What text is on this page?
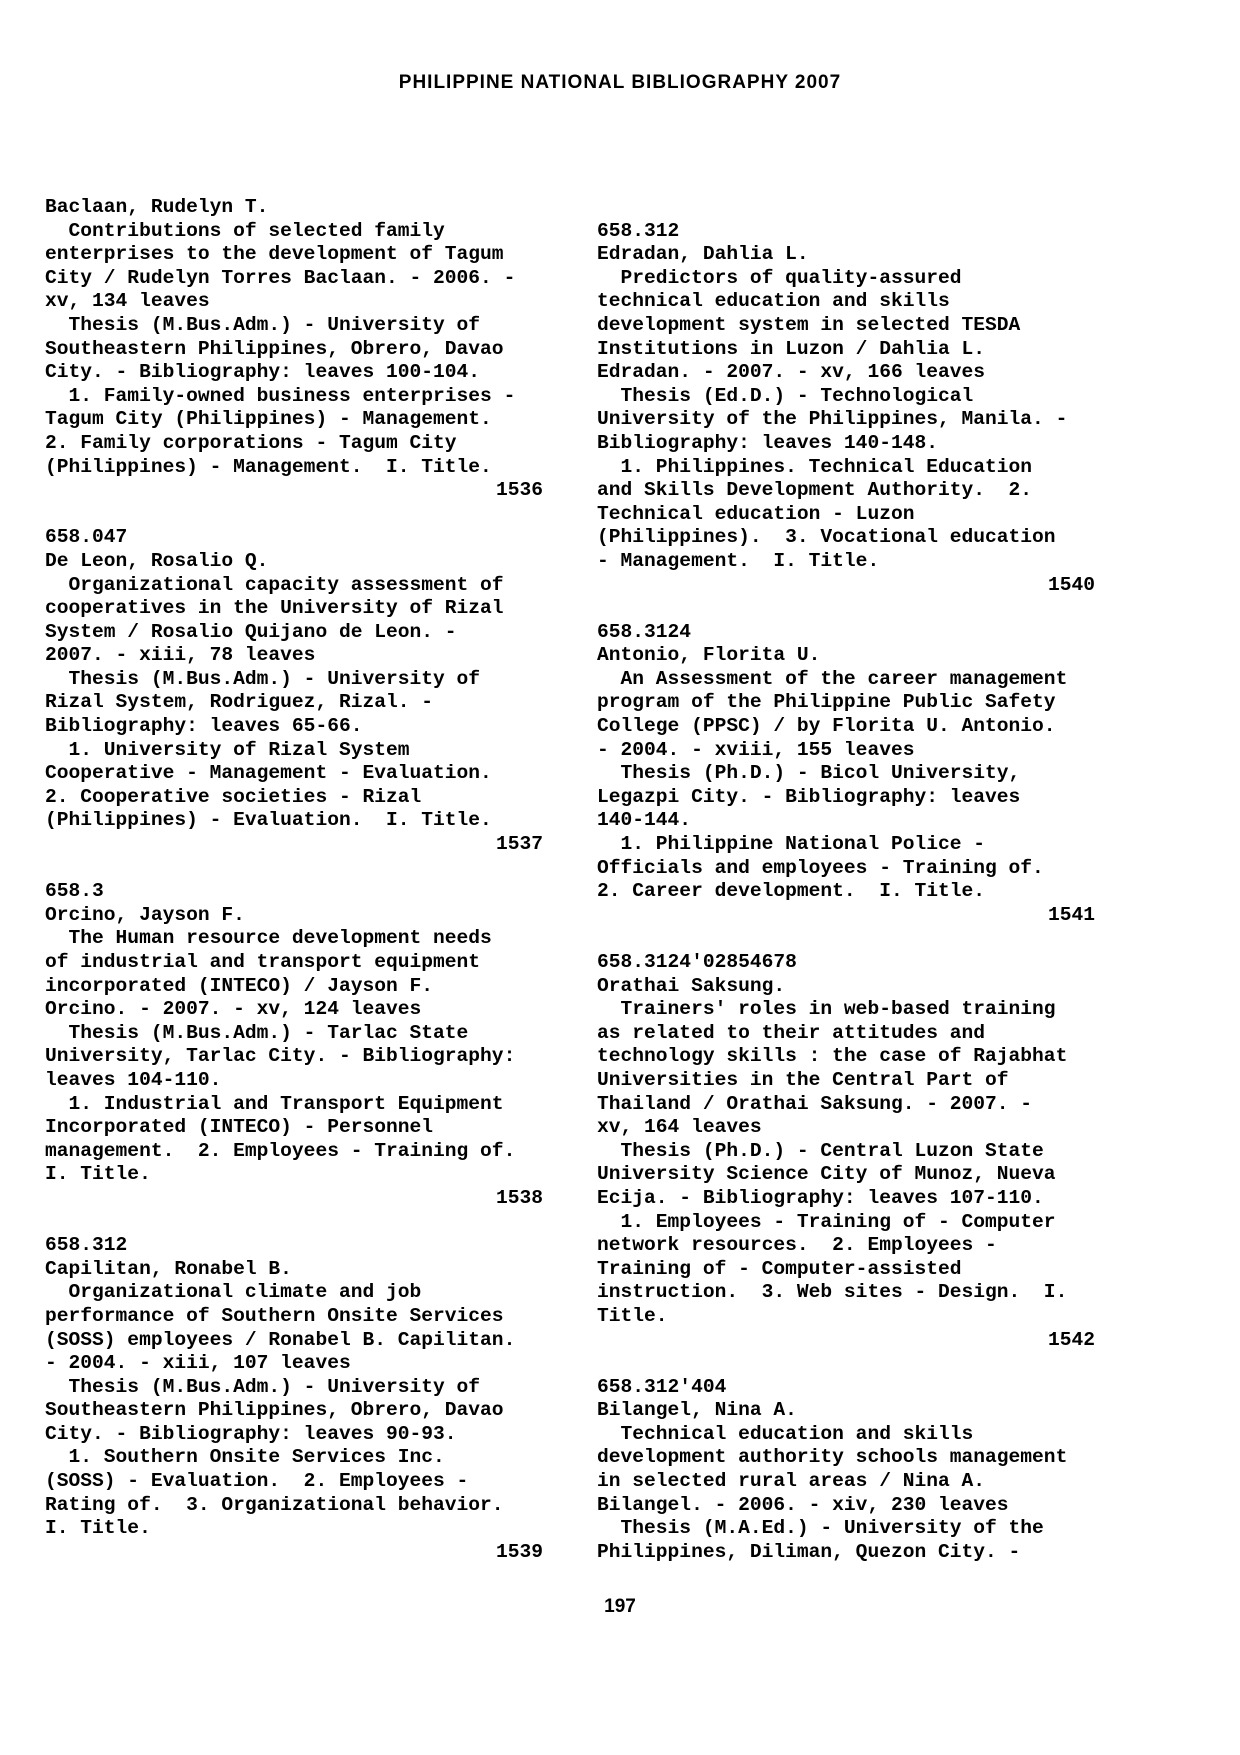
PHILIPPINE NATIONAL BIBLIOGRAPHY 2007
Baclaan, Rudelyn T.
Contributions of selected family
enterprises to the development of Tagum
City / Rudelyn Torres Baclaan. - 2006. -
xv, 134 leaves
Thesis (M.Bus.Adm.) - University of
Southeastern Philippines, Obrero, Davao
City. - Bibliography: leaves 100-104.
1. Family-owned business enterprises -
Tagum City (Philippines) - Management.
2. Family corporations - Tagum City
(Philippines) - Management.  I. Title.
1536
658.047
De Leon, Rosalio Q.
Organizational capacity assessment of
cooperatives in the University of Rizal
System / Rosalio Quijano de Leon. -
2007. - xiii, 78 leaves
Thesis (M.Bus.Adm.) - University of
Rizal System, Rodriguez, Rizal. -
Bibliography: leaves 65-66.
1. University of Rizal System
Cooperative - Management - Evaluation.
2. Cooperative societies - Rizal
(Philippines) - Evaluation.  I. Title.
1537
658.3
Orcino, Jayson F.
The Human resource development needs
of industrial and transport equipment
incorporated (INTECO) / Jayson F.
Orcino. - 2007. - xv, 124 leaves
Thesis (M.Bus.Adm.) - Tarlac State
University, Tarlac City. - Bibliography:
leaves 104-110.
1. Industrial and Transport Equipment
Incorporated (INTECO) - Personnel
management.  2. Employees - Training of.
I. Title.
1538
658.312
Capilitan, Ronabel B.
Organizational climate and job
performance of Southern Onsite Services
(SOSS) employees / Ronabel B. Capilitan.
- 2004. - xiii, 107 leaves
Thesis (M.Bus.Adm.) - University of
Southeastern Philippines, Obrero, Davao
City. - Bibliography: leaves 90-93.
1. Southern Onsite Services Inc.
(SOSS) - Evaluation.  2. Employees -
Rating of.  3. Organizational behavior.
I. Title.
1539
658.312
Edradan, Dahlia L.
Predictors of quality-assured
technical education and skills
development system in selected TESDA
Institutions in Luzon / Dahlia L.
Edradan. - 2007. - xv, 166 leaves
Thesis (Ed.D.) - Technological
University of the Philippines, Manila. -
Bibliography: leaves 140-148.
1. Philippines. Technical Education
and Skills Development Authority.  2.
Technical education - Luzon
(Philippines).  3. Vocational education
- Management.  I. Title.
1540
658.3124
Antonio, Florita U.
An Assessment of the career management
program of the Philippine Public Safety
College (PPSC) / by Florita U. Antonio.
- 2004. - xviii, 155 leaves
Thesis (Ph.D.) - Bicol University,
Legazpi City. - Bibliography: leaves
140-144.
1. Philippine National Police -
Officials and employees - Training of.
2. Career development.  I. Title.
1541
658.3124'02854678
Orathai Saksung.
Trainers' roles in web-based training
as related to their attitudes and
technology skills : the case of Rajabhat
Universities in the Central Part of
Thailand / Orathai Saksung. - 2007. -
xv, 164 leaves
Thesis (Ph.D.) - Central Luzon State
University Science City of Munoz, Nueva
Ecija. - Bibliography: leaves 107-110.
1. Employees - Training of - Computer
network resources.  2. Employees -
Training of - Computer-assisted
instruction.  3. Web sites - Design.  I.
Title.
1542
658.312'404
Bilangel, Nina A.
Technical education and skills
development authority schools management
in selected rural areas / Nina A.
Bilangel. - 2006. - xiv, 230 leaves
Thesis (M.A.Ed.) - University of the
Philippines, Diliman, Quezon City. -
197
